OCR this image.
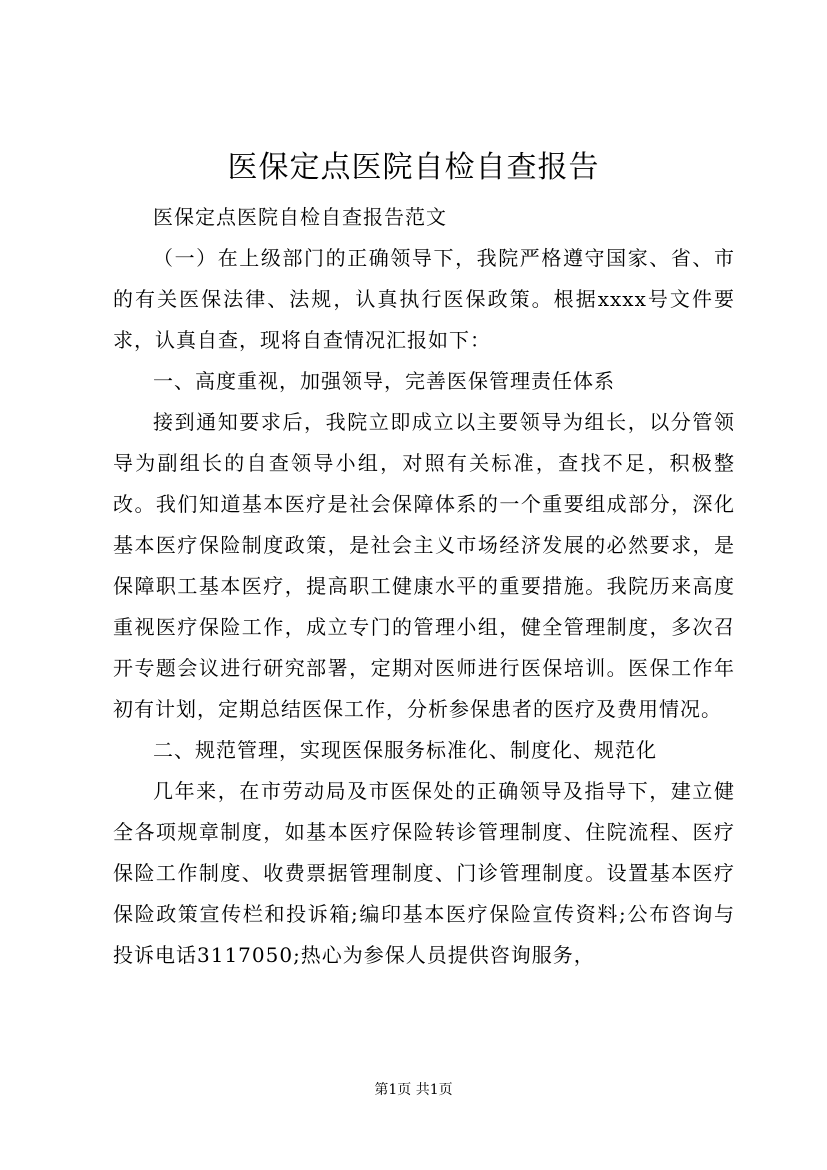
医保定点医院自检自查报告

医保定点医院自检自查报告范文

（一）在上级部门的正确领导下，我院严格遵守国家、省、市的有关医保法律、法规，认真执行医保政策。根据xxxx号文件要求，认真自查，现将自查情况汇报如下：

一、高度重视，加强领导，完善医保管理责任体系

接到通知要求后，我院立即成立以主要领导为组长，以分管领导为副组长的自查领导小组，对照有关标准，查找不足，积极整改。我们知道基本医疗是社会保障体系的一个重要组成部分，深化基本医疗保险制度政策，是社会主义市场经济发展的必然要求，是保障职工基本医疗，提高职工健康水平的重要措施。我院历来高度重视医疗保险工作，成立专门的管理小组，健全管理制度，多次召开专题会议进行研究部署，定期对医师进行医保培训。医保工作年初有计划，定期总结医保工作，分析参保患者的医疗及费用情况。

二、规范管理，实现医保服务标准化、制度化、规范化

几年来，在市劳动局及市医保处的正确领导及指导下，建立健全各项规章制度，如基本医疗保险转诊管理制度、住院流程、医疗保险工作制度、收费票据管理制度、门诊管理制度。设置基本医疗保险政策宣传栏和投诉箱;编印基本医疗保险宣传资料;公布咨询与投诉电话3117050;热心为参保人员提供咨询服务，

第1页 共1页
